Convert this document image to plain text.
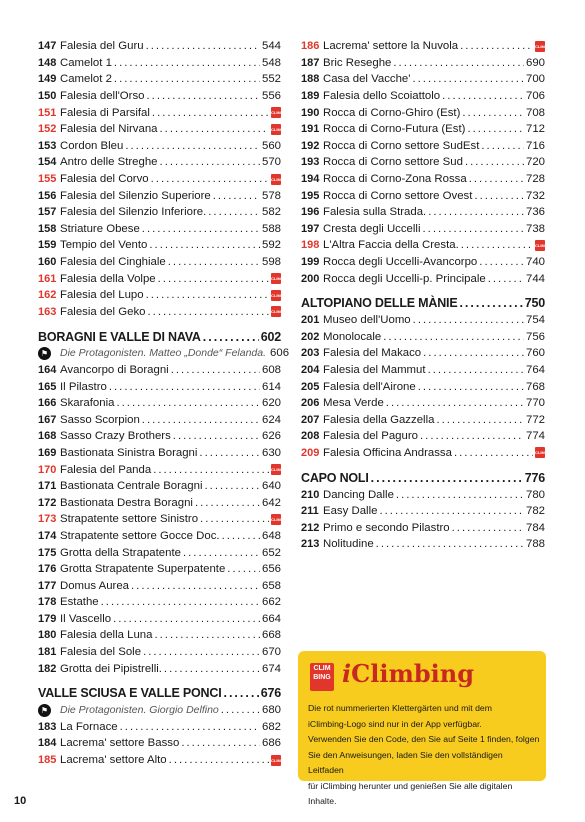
147 Falesia del Guru .....	544
148 Camelot 1 .....	548
149 Camelot 2 .....	552
150 Falesia dell'Orso .....	556
151 Falesia di Parsifal .....	CLIM BING
152 Falesia del Nirvana .....	CLIM BING
153 Cordon Bleu .....	560
154 Antro delle Streghe .....	570
155 Falesia del Corvo .....	CLIM BING
156 Falesia del Silenzio Superiore .....	578
157 Falesia del Silenzio Inferiore. .....	582
158 Striature Obese .....	588
159 Tempio del Vento .....	592
160 Falesia del Cinghiale .....	598
161 Falesia della Volpe .....	CLIM BING
162 Falesia del Lupo .....	CLIM BING
163 Falesia del Geko .....	CLIM BING
BORAGNI E VALLE DI NAVA .....	602
⚑ Die Protagonisten. Matteo „Donde“ Felanda. 606
164 Avancorpo di Boragni .....	608
165 Il Pilastro .....	614
166 Skarafonia .....	620
167 Sasso Scorpion .....	624
168 Sasso Crazy Brothers .....	626
169 Bastionata Sinistra Boragni .....	630
170 Falesia del Panda .....	CLIM BING
171 Bastionata Centrale Boragni .....	640
172 Bastionata Destra Boragni .....	642
173 Strapatente settore Sinistro .....	CLIM BING
174 Strapatente settore Gocce Doc. .....	648
175 Grotta della Strapatente .....	652
176 Grotta Strapatente Superpatente .....	656
177 Domus Aurea .....	658
178 Estathe .....	662
179 Il Vascello .....	664
180 Falesia della Luna .....	668
181 Falesia del Sole .....	670
182 Grotta dei Pipistrelli. .....	674
VALLE SCIUSA E VALLE PONCI .....	676
⚑ Die Protagonisten. Giorgio Delfino .....	680
183 La Fornace .....	682
184 Lacrema' settore Basso .....	686
185 Lacrema' settore Alto .....	CLIM BING
186 Lacrema' settore la Nuvola .....	CLIM BING
187 Bric Reseghe .....	690
188 Casa del Vacche' .....	700
189 Falesia dello Scoiattolo .....	706
190 Rocca di Corno-Ghiro (Est) .....	708
191 Rocca di Corno-Futura (Est) .....	712
192 Rocca di Corno settore SudEst .....	716
193 Rocca di Corno settore Sud .....	720
194 Rocca di Corno-Zona Rossa .....	728
195 Rocca di Corno settore Ovest .....	732
196 Falesia sulla Strada. .....	736
197 Cresta degli Uccelli .....	738
198 L'Altra Faccia della Cresta. .....	CLIM BING
199 Rocca degli Uccelli-Avancorpo .....	740
200 Rocca degli Uccelli-p. Principale .....	744
ALTOPIANO DELLE MÀNIE .....	750
201 Museo dell'Uomo .....	754
202 Monolocale .....	756
203 Falesia del Makaco .....	760
204 Falesia del Mammut .....	764
205 Falesia dell'Airone .....	768
206 Mesa Verde .....	770
207 Falesia della Gazzella .....	772
208 Falesia del Paguro .....	774
209 Falesia Officina Andrassa .....	CLIM BING
CAPO NOLI .....	776
210 Dancing Dalle .....	780
211 Easy Dalle .....	782
212 Primo e secondo Pilastro .....	784
213 Nolitudine .....	788
CLIM BING iClimbing
Die rot nummerierten Klettergärten und mit dem
iClimbing-Logo sind nur in der App verfügbar.
Verwenden Sie den Code, den Sie auf Seite 1 finden, folgen
Sie den Anweisungen, laden Sie den vollständigen Leitfaden
für iClimbing herunter und genießen Sie alle digitalen Inhalte.
10
